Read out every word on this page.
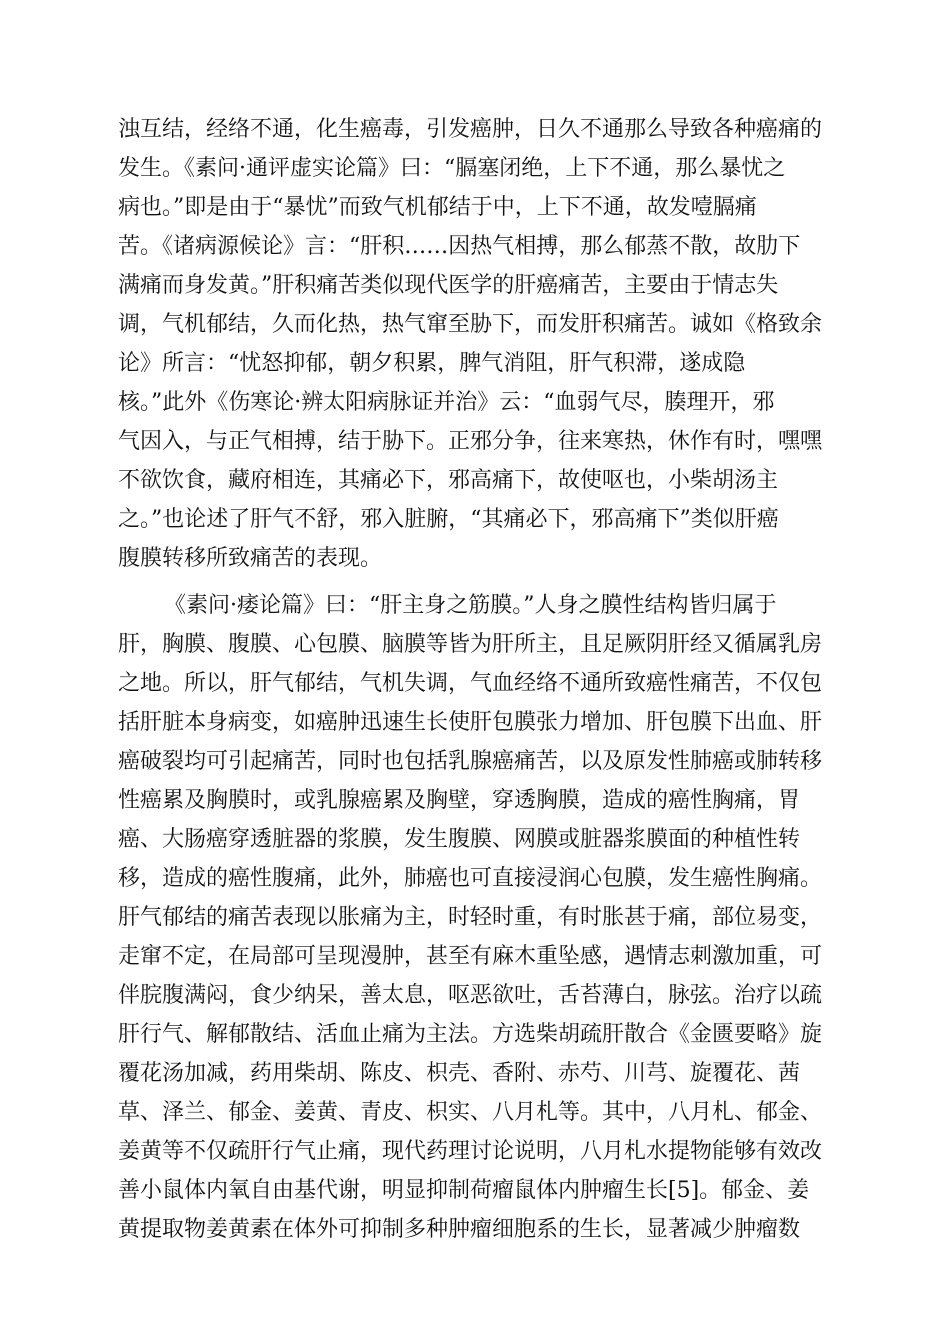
浊互结，经络不通，化生癌毒，引发癌肿，日久不通那么导致各种癌痛的
发生。《素问·通评虚实论篇》曰：“膈塞闭绝，上下不通，那么暴忧之
病也。”即是由于“暴忧”而致气机郁结于中，上下不通，故发噎膈痛
苦。《诸病源候论》言：“肝积……因热气相搏，那么郁蒸不散，故肋下
满痛而身发黄。”肝积痛苦类似现代医学的肝癌痛苦，主要由于情志失
调，气机郁结，久而化热，热气窜至胁下，而发肝积痛苦。诚如《格致余
论》所言：“忧怒抑郁，朝夕积累，脾气消阻，肝气积滞，遂成隐
核。”此外《伤寒论·辨太阳病脉证并治》云：“血弱气尽，腠理开，邪
气因入，与正气相搏，结于胁下。正邪分争，往来寒热，休作有时，嘿嘿
不欲饮食，藏府相连，其痛必下，邪高痛下，故使呕也，小柴胡汤主
之。”也论述了肝气不舒，邪入脏腑，“其痛必下，邪高痛下”类似肝癌
腹膜转移所致痛苦的表现。
《素问·痿论篇》曰：“肝主身之筋膜。”人身之膜性结构皆归属于
肝，胸膜、腹膜、心包膜、脑膜等皆为肝所主，且足厥阴肝经又循属乳房
之地。所以，肝气郁结，气机失调，气血经络不通所致癌性痛苦，不仅包
括肝脏本身病变，如癌肿迅速生长使肝包膜张力增加、肝包膜下出血、肝
癌破裂均可引起痛苦，同时也包括乳腺癌痛苦，以及原发性肺癌或肺转移
性癌累及胸膜时，或乳腺癌累及胸壁，穿透胸膜，造成的癌性胸痛，胃
癌、大肠癌穿透脏器的浆膜，发生腹膜、网膜或脏器浆膜面的种植性转
移，造成的癌性腹痛，此外，肺癌也可直接浸润心包膜，发生癌性胸痛。
肝气郁结的痛苦表现以胀痛为主，时轻时重，有时胀甚于痛，部位易变，
走窜不定，在局部可呈现漫肿，甚至有麻木重坠感，遇情志刺激加重，可
伴脘腹满闷，食少纳呆，善太息，呕恶欲吐，舌苔薄白，脉弦。治疗以疏
肝行气、解郁散结、活血止痛为主法。方选柴胡疏肝散合《金匮要略》旋
覆花汤加减，药用柴胡、陈皮、枳壳、香附、赤芍、川芎、旋覆花、茜
草、泽兰、郁金、姜黄、青皮、枳实、八月札等。其中，八月札、郁金、
姜黄等不仅疏肝行气止痛，现代药理讨论说明，八月札水提物能够有效改
善小鼠体内氧自由基代谢，明显抑制荷瘤鼠体内肿瘤生长[5]。郁金、姜
黄提取物姜黄素在体外可抑制多种肿瘤细胞系的生长，显著减少肿瘤数
